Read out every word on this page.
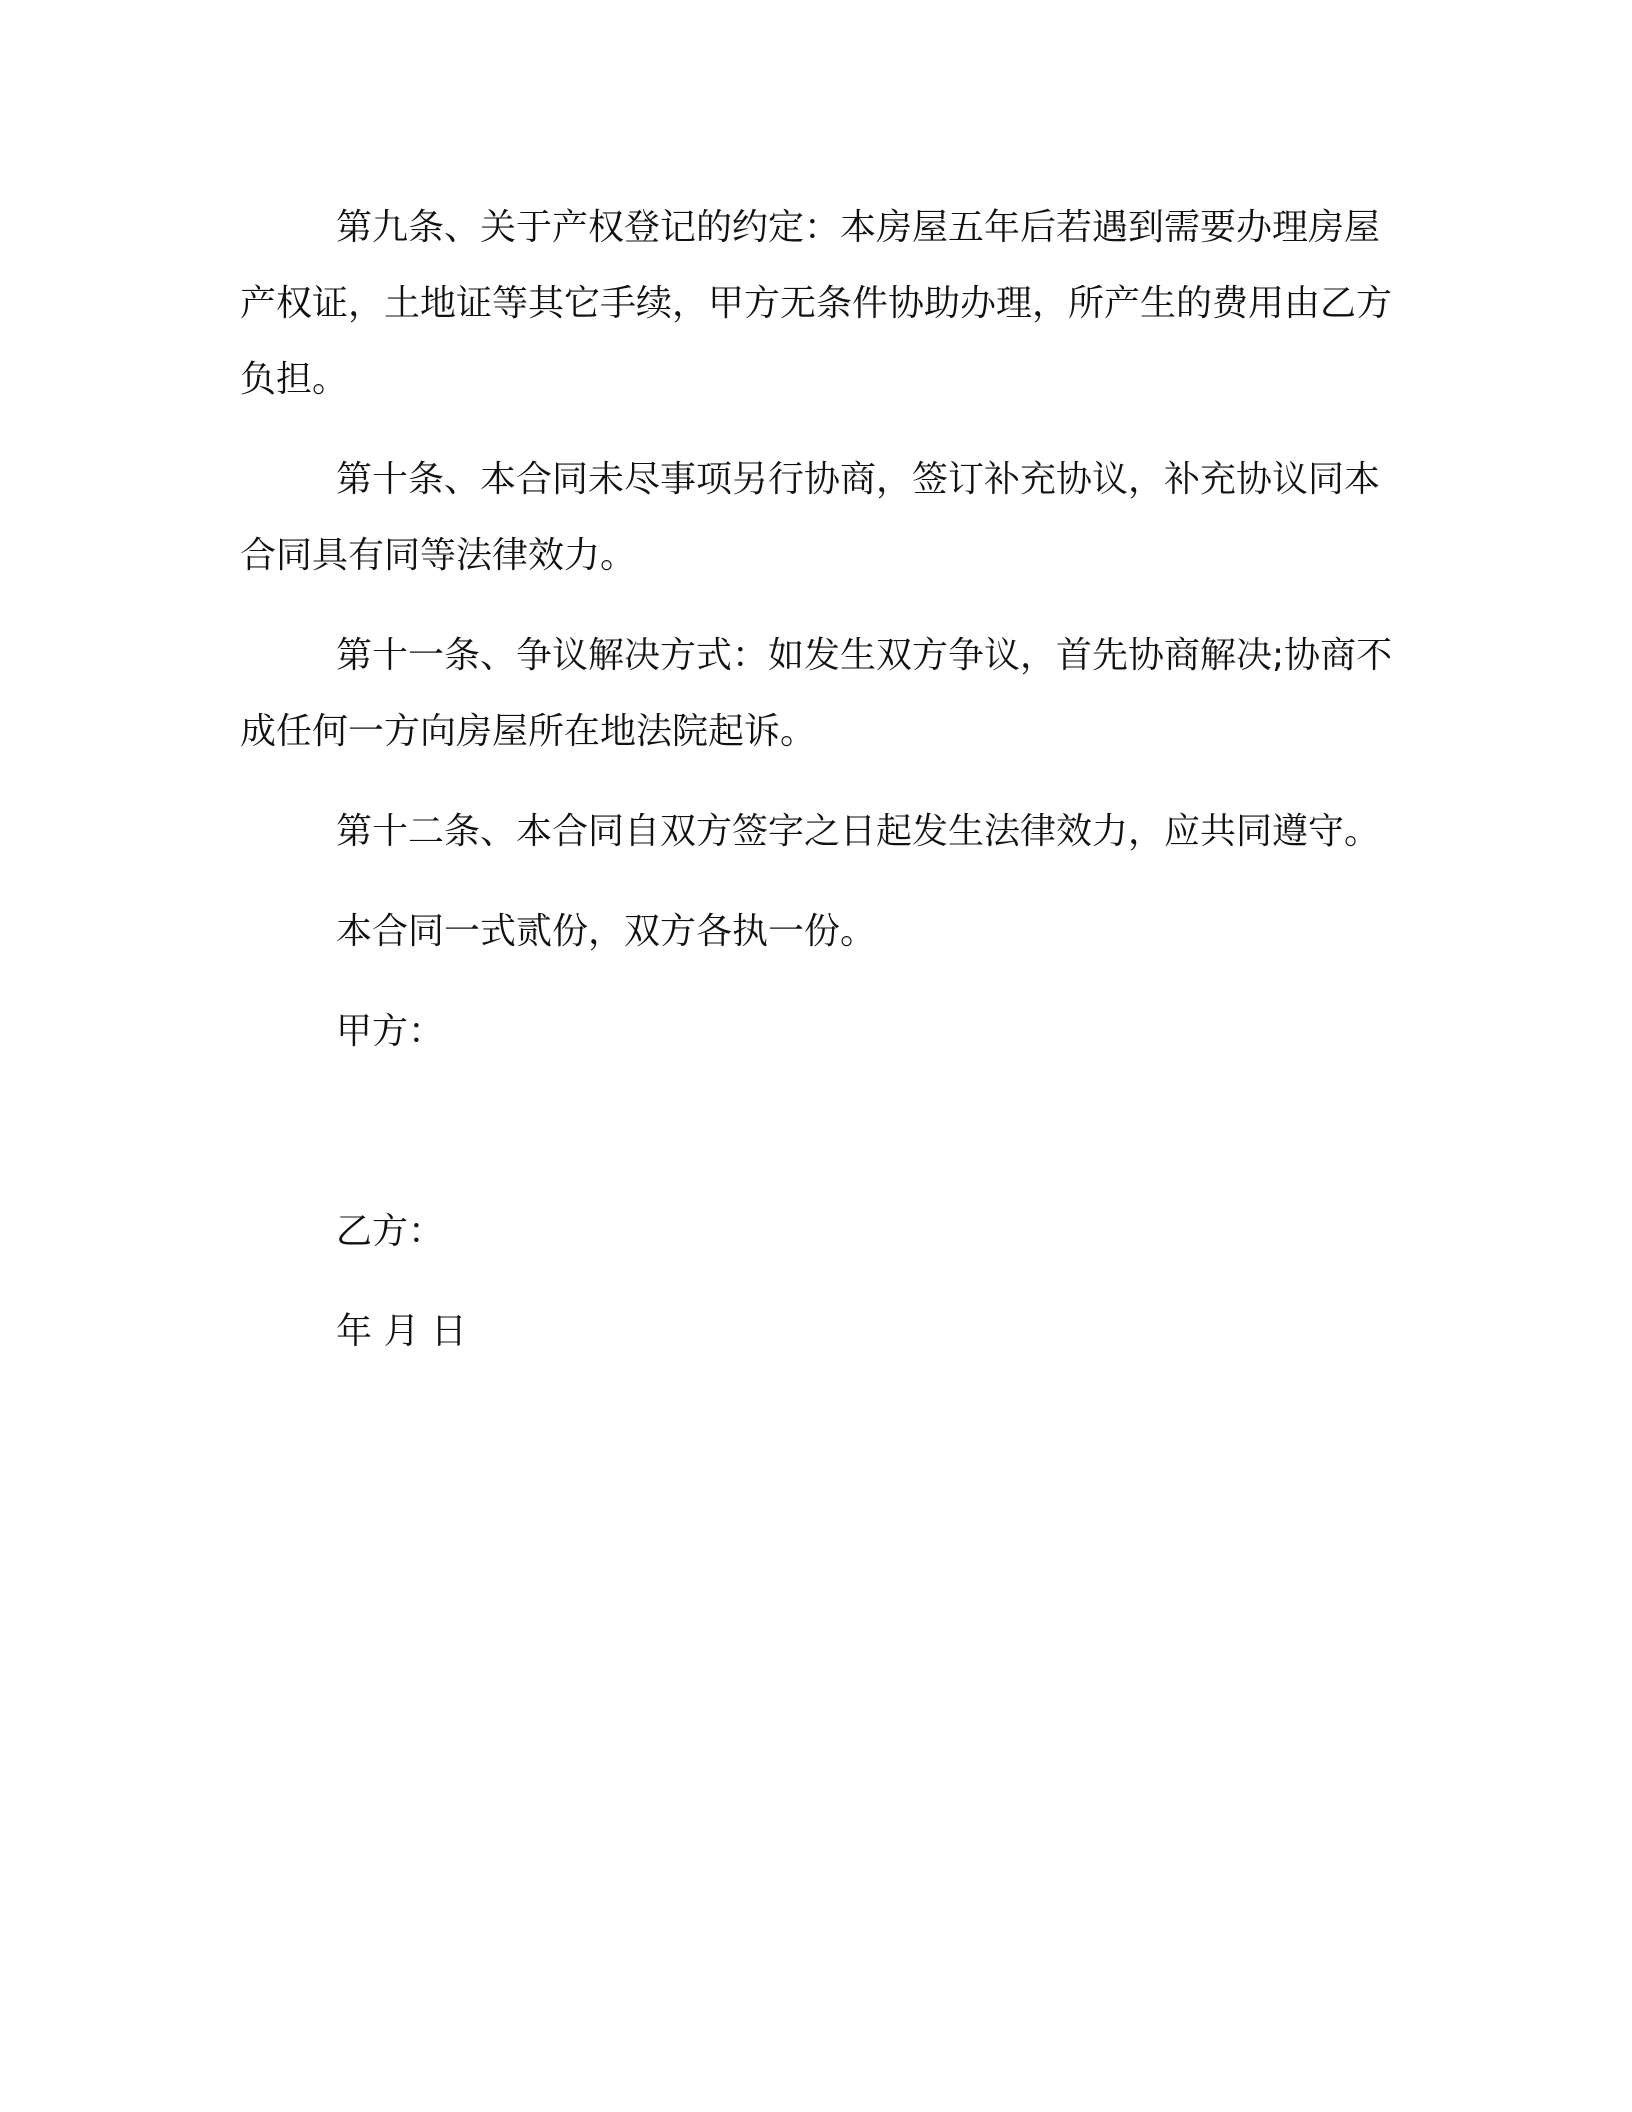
第九条、关于产权登记的约定：本房屋五年后若遇到需要办理房屋产权证，土地证等其它手续，甲方无条件协助办理，所产生的费用由乙方负担。

第十条、本合同未尽事项另行协商，签订补充协议，补充协议同本合同具有同等法律效力。

第十一条、争议解决方式：如发生双方争议，首先协商解决;协商不成任何一方向房屋所在地法院起诉。

第十二条、本合同自双方签字之日起发生法律效力，应共同遵守。

本合同一式贰份，双方各执一份。

甲方：

乙方：

年 月 日
